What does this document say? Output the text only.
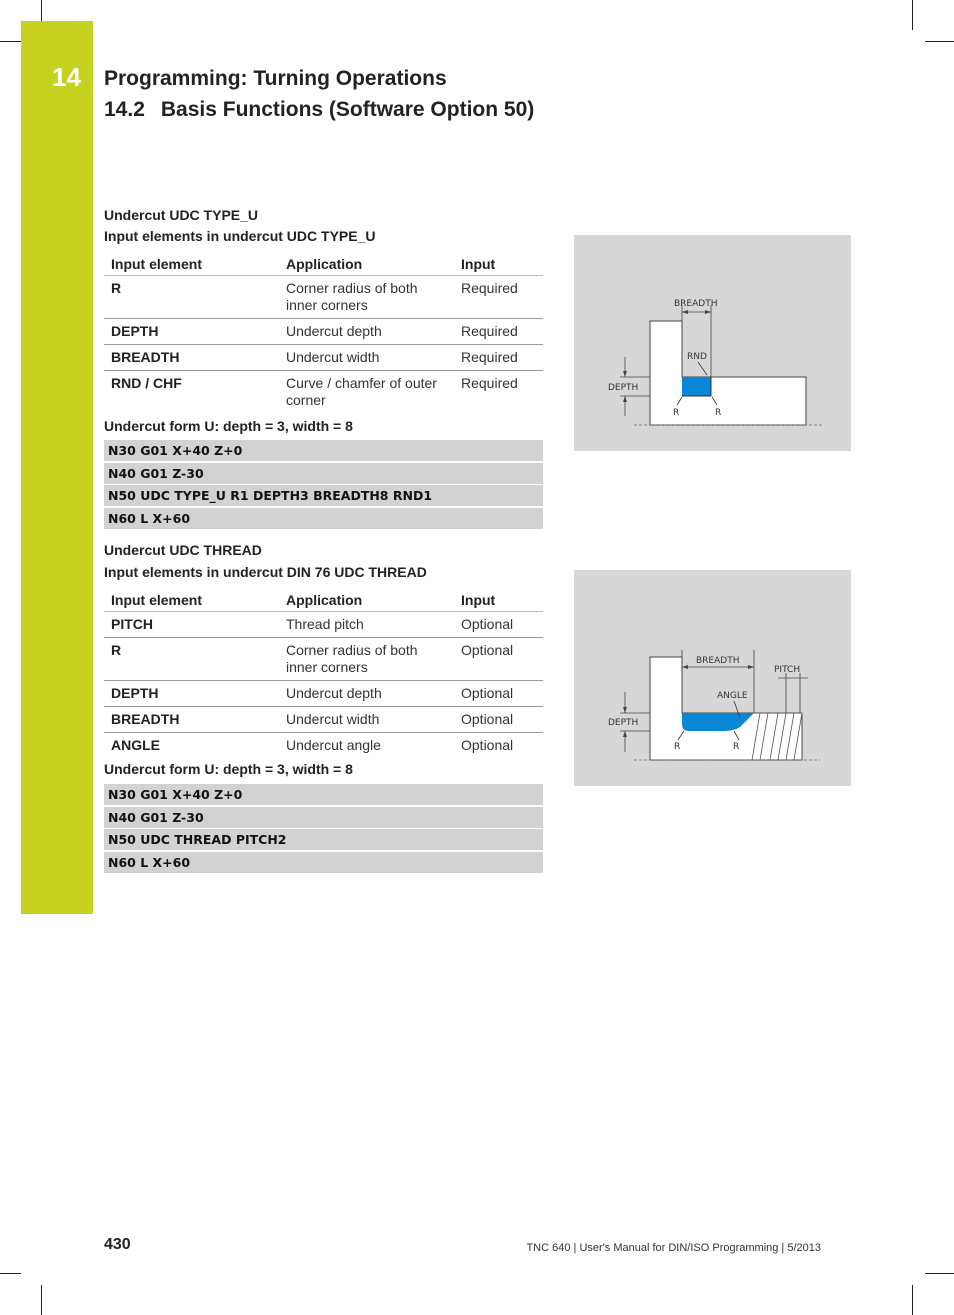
14 Programming: Turning Operations
14.2 Basis Functions (Software Option 50)
Undercut UDC TYPE_U
Input elements in undercut UDC TYPE_U
Input element	Application	Input
R	Corner radius of both inner corners	Required
DEPTH	Undercut depth	Required
BREADTH	Undercut width	Required
RND / CHF	Curve / chamfer of outer corner	Required
Undercut form U: depth = 3, width = 8
N30 G01 X+40 Z+0
N40 G01 Z-30
N50 UDC TYPE_U R1 DEPTH3 BREADTH8 RND1
N60 L X+60
BREADTH
RND
DEPTH
R	R
Undercut UDC THREAD
Input elements in undercut DIN 76 UDC THREAD
Input element	Application	Input
PITCH	Thread pitch	Optional
R	Corner radius of both inner corners	Optional
DEPTH	Undercut depth	Optional
BREADTH	Undercut width	Optional
ANGLE	Undercut angle	Optional
Undercut form U: depth = 3, width = 8
N30 G01 X+40 Z+0
N40 G01 Z-30
N50 UDC THREAD PITCH2
N60 L X+60
BREADTH
PITCH
ANGLE
DEPTH
R	R
430	TNC 640 | User's Manual for DIN/ISO Programming | 5/2013
